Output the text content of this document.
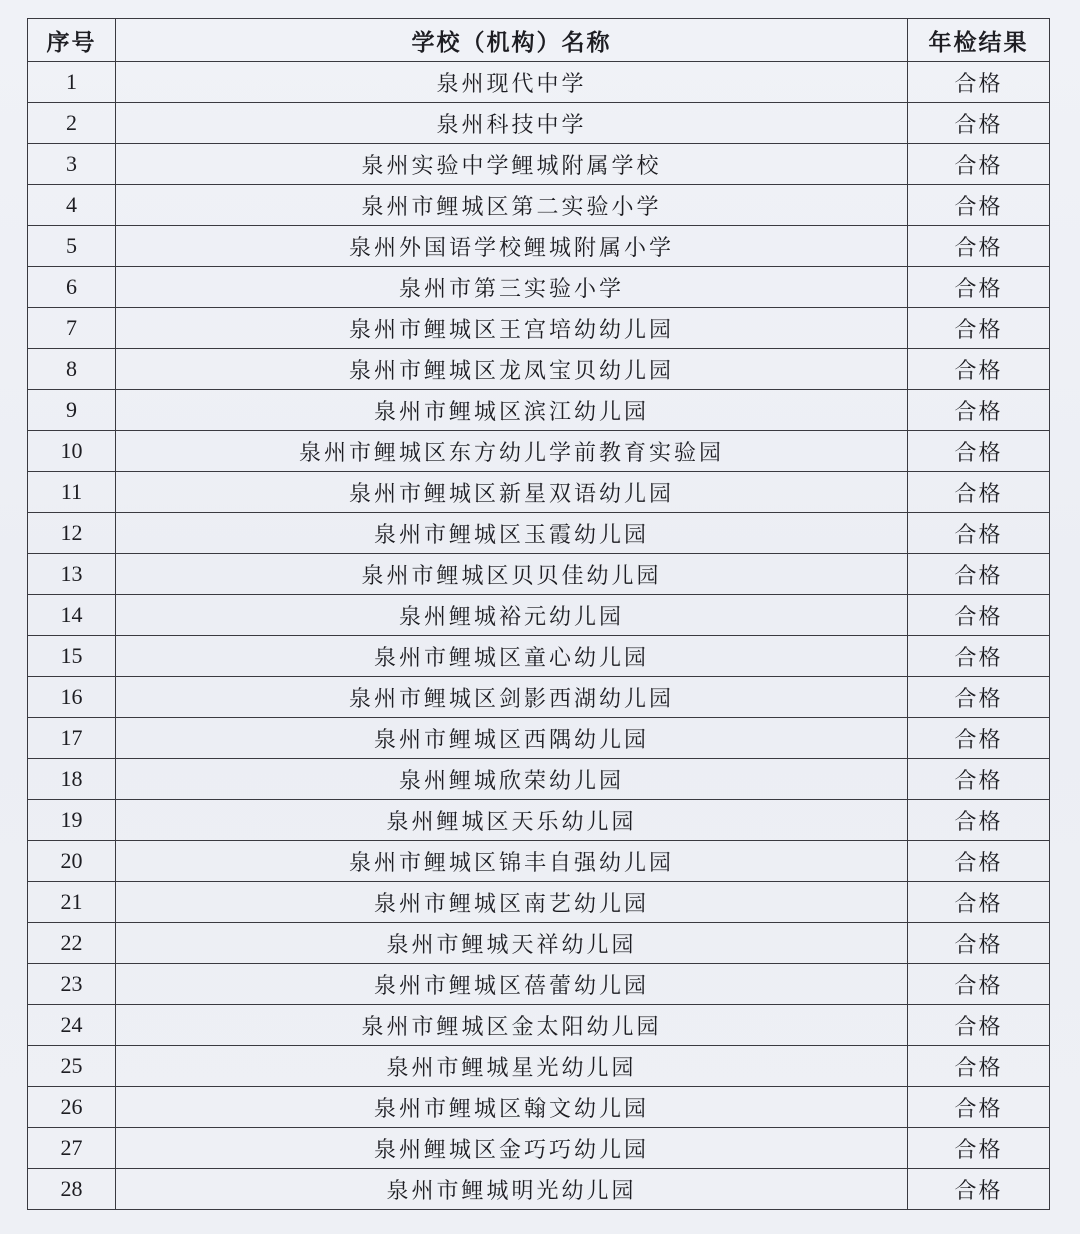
序号	学校（机构）名称	年检结果
1	泉州现代中学	合格
2	泉州科技中学	合格
3	泉州实验中学鲤城附属学校	合格
4	泉州市鲤城区第二实验小学	合格
5	泉州外国语学校鲤城附属小学	合格
6	泉州市第三实验小学	合格
7	泉州市鲤城区王宫培幼幼儿园	合格
8	泉州市鲤城区龙凤宝贝幼儿园	合格
9	泉州市鲤城区滨江幼儿园	合格
10	泉州市鲤城区东方幼儿学前教育实验园	合格
11	泉州市鲤城区新星双语幼儿园	合格
12	泉州市鲤城区玉霞幼儿园	合格
13	泉州市鲤城区贝贝佳幼儿园	合格
14	泉州鲤城裕元幼儿园	合格
15	泉州市鲤城区童心幼儿园	合格
16	泉州市鲤城区剑影西湖幼儿园	合格
17	泉州市鲤城区西隅幼儿园	合格
18	泉州鲤城欣荣幼儿园	合格
19	泉州鲤城区天乐幼儿园	合格
20	泉州市鲤城区锦丰自强幼儿园	合格
21	泉州市鲤城区南艺幼儿园	合格
22	泉州市鲤城天祥幼儿园	合格
23	泉州市鲤城区蓓蕾幼儿园	合格
24	泉州市鲤城区金太阳幼儿园	合格
25	泉州市鲤城星光幼儿园	合格
26	泉州市鲤城区翰文幼儿园	合格
27	泉州鲤城区金巧巧幼儿园	合格
28	泉州市鲤城明光幼儿园	合格
